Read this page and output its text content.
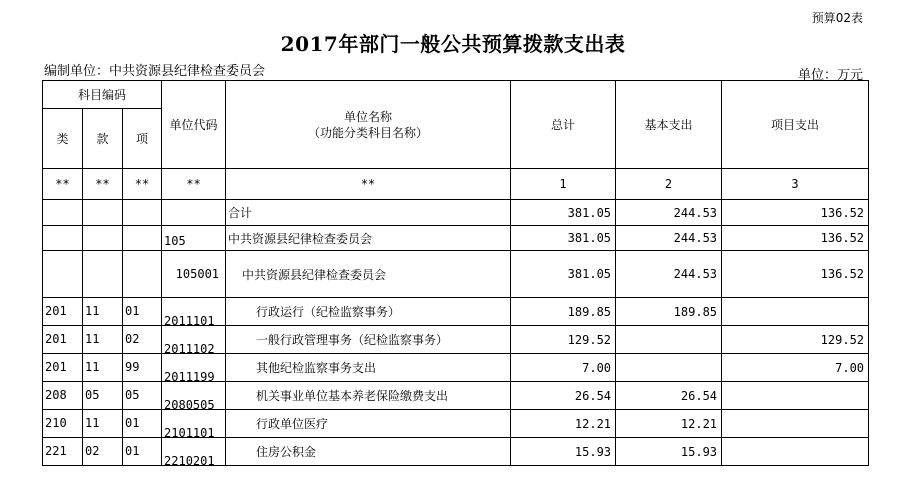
预算02表
2017年部门一般公共预算拨款支出表
编制单位：中共资源县纪律检查委员会	单位：万元
科目编码			单位代码	单位名称
（功能分类科目名称）	总计	基本支出	项目支出
类	款	项					
**	**	**	**	**	1	2	3
				合计	381.05	244.53	136.52
			105	中共资源县纪律检查委员会	381.05	244.53	136.52
			105001	中共资源县纪律检查委员会	381.05	244.53	136.52
201	11	01	2011101	行政运行（纪检监察事务）	189.85	189.85	
201	11	02	2011102	一般行政管理事务（纪检监察事务）	129.52		129.52
201	11	99	2011199	其他纪检监察事务支出	7.00		7.00
208	05	05	2080505	机关事业单位基本养老保险缴费支出	26.54	26.54	
210	11	01	2101101	行政单位医疗	12.21	12.21	
221	02	01	2210201	住房公积金	15.93	15.93	
